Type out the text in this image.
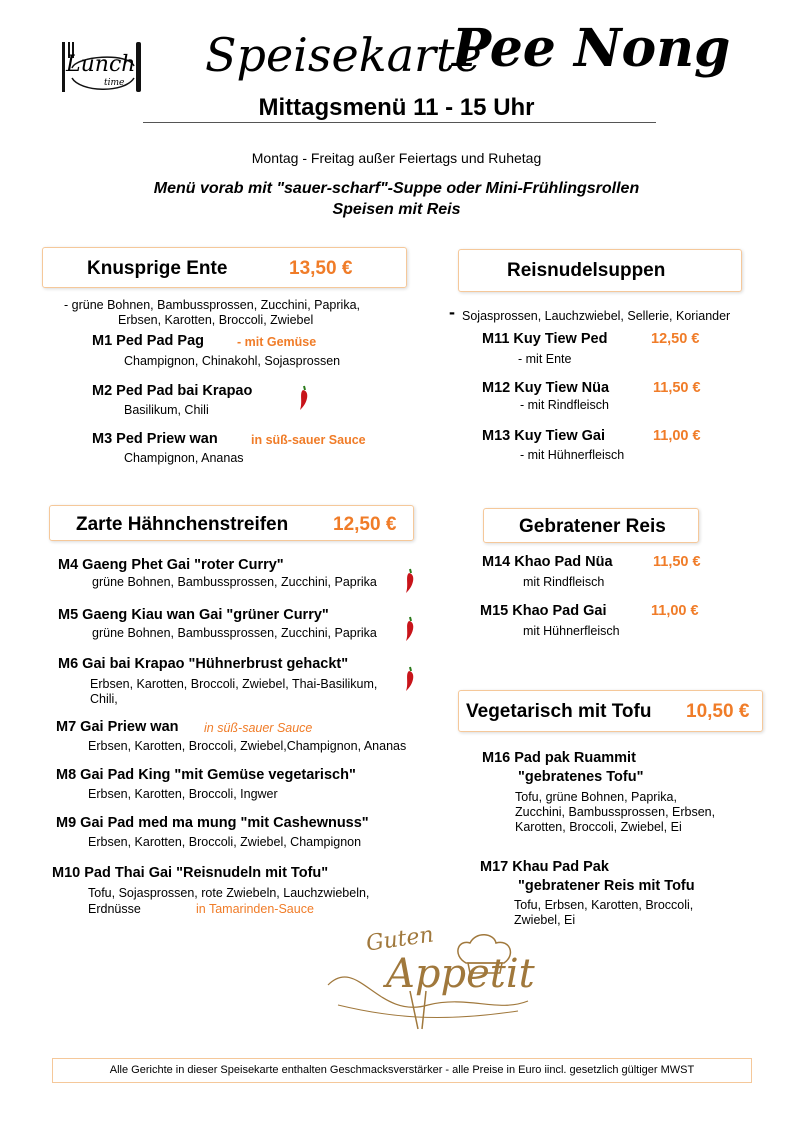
Lunch
time
Speisekarte
Pee Nong
Mittagsmenü 11 - 15 Uhr
Montag - Freitag außer Feiertags und Ruhetag
Menü vorab mit "sauer-scharf"-Suppe oder Mini-Frühlingsrollen
Speisen mit Reis
Knusprige Ente	13,50 €
- grüne Bohnen, Bambussprossen, Zucchini, Paprika,
Erbsen, Karotten, Broccoli, Zwiebel
M1 Ped Pad Pag	- mit Gemüse
Champignon, Chinakohl, Sojasprossen
M2 Ped Pad bai Krapao
Basilikum, Chili
M3 Ped Priew wan	in süß-sauer Sauce
Champignon, Ananas
Zarte Hähnchenstreifen 12,50 €
M4 Gaeng Phet Gai "roter Curry"
grüne Bohnen, Bambussprossen, Zucchini, Paprika
M5 Gaeng Kiau wan Gai "grüner Curry"
grüne Bohnen, Bambussprossen, Zucchini, Paprika
M6 Gai bai Krapao "Hühnerbrust gehackt"
Erbsen, Karotten, Broccoli, Zwiebel, Thai-Basilikum,
Chili,
M7 Gai Priew wan in süß-sauer Sauce
Erbsen, Karotten, Broccoli, Zwiebel,Champignon, Ananas
M8 Gai Pad King "mit Gemüse vegetarisch"
Erbsen, Karotten, Broccoli, Ingwer
M9 Gai Pad med ma mung "mit Cashewnuss"
Erbsen, Karotten, Broccoli, Zwiebel, Champignon
M10 Pad Thai Gai "Reisnudeln mit Tofu"
Tofu, Sojasprossen, rote Zwiebeln, Lauchzwiebeln,
Erdnüsse	in Tamarinden-Sauce
Reisnudelsuppen
- Sojasprossen, Lauchzwiebel, Sellerie, Koriander
M11 Kuy Tiew Ped	12,50 €
- mit Ente
M12 Kuy Tiew Nüa	11,50 €
- mit Rindfleisch
M13 Kuy Tiew Gai	11,00 €
- mit Hühnerfleisch
Gebratener Reis
M14 Khao Pad Nüa	11,50 €
mit Rindfleisch
M15 Khao Pad Gai	11,00 €
mit Hühnerfleisch
Vegetarisch mit Tofu 10,50 €
M16 Pad pak Ruammit
"gebratenes Tofu"
Tofu, grüne Bohnen, Paprika,
Zucchini, Bambussprossen, Erbsen,
Karotten, Broccoli, Zwiebel, Ei
M17 Khau Pad Pak
"gebratener Reis mit Tofu
Tofu, Erbsen, Karotten, Broccoli,
Zwiebel, Ei
Guten
Appetit
Alle Gerichte in dieser Speisekarte enthalten Geschmacksverstärker - alle Preise in Euro iincl. gesetzlich gültiger MWST
